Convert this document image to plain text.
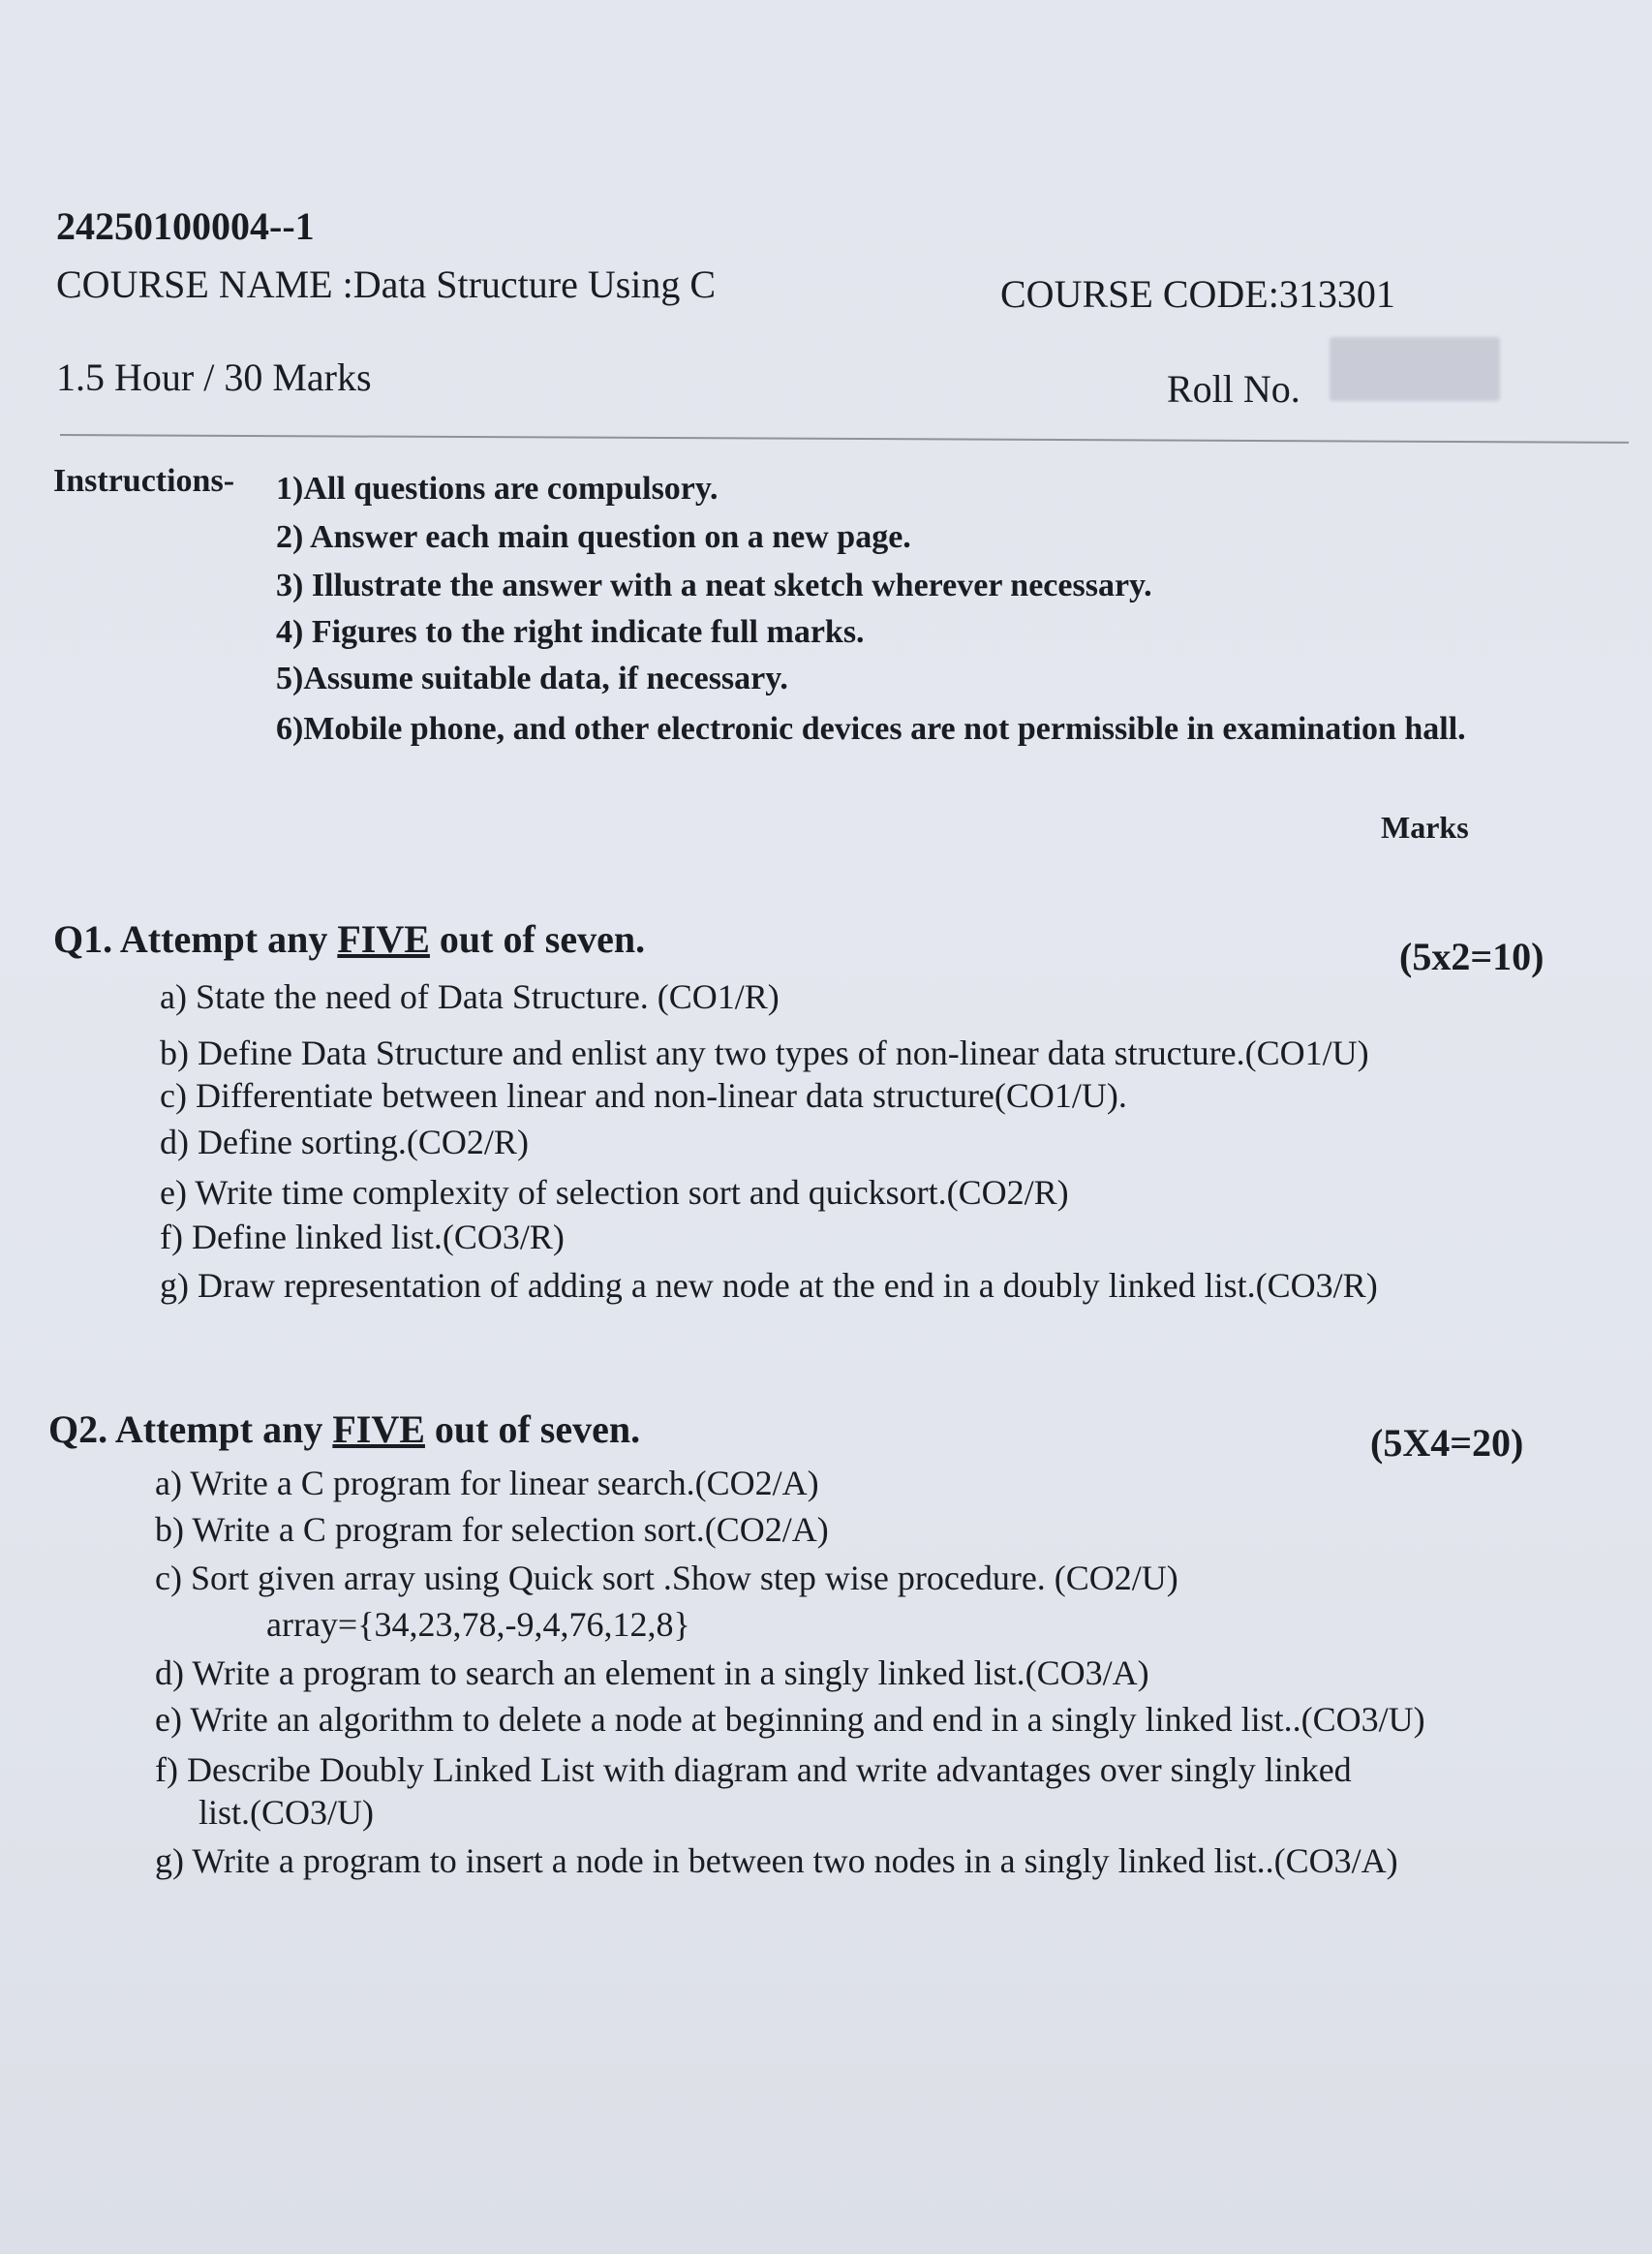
24250100004--1
COURSE NAME :Data Structure Using C	COURSE CODE:313301
1.5 Hour / 30 Marks	Roll No.
Instructions- 1)All questions are compulsory.
2) Answer each main question on a new page.
3) Illustrate the answer with a neat sketch wherever necessary.
4) Figures to the right indicate full marks.
5)Assume suitable data, if necessary.
6)Mobile phone, and other electronic devices are not permissible in examination hall.
Marks
Q1. Attempt any FIVE out of seven.	(5x2=10)
a) State the need of Data Structure. (CO1/R)
b) Define Data Structure and enlist any two types of non-linear data structure.(CO1/U)
c) Differentiate between linear and non-linear data structure(CO1/U).
d) Define sorting.(CO2/R)
e) Write time complexity of selection sort and quicksort.(CO2/R)
f) Define linked list.(CO3/R)
g) Draw representation of adding a new node at the end in a doubly linked list.(CO3/R)
Q2. Attempt any FIVE out of seven.	(5X4=20)
a) Write a C program for linear search.(CO2/A)
b) Write a C program for selection sort.(CO2/A)
c) Sort given array using Quick sort .Show step wise procedure. (CO2/U)
array={34,23,78,-9,4,76,12,8}
d) Write a program to search an element in a singly linked list.(CO3/A)
e) Write an algorithm to delete a node at beginning and end in a singly linked list..(CO3/U)
f) Describe Doubly Linked List with diagram and write advantages over singly linked
list.(CO3/U)
g) Write a program to insert a node in between two nodes in a singly linked list..(CO3/A)
